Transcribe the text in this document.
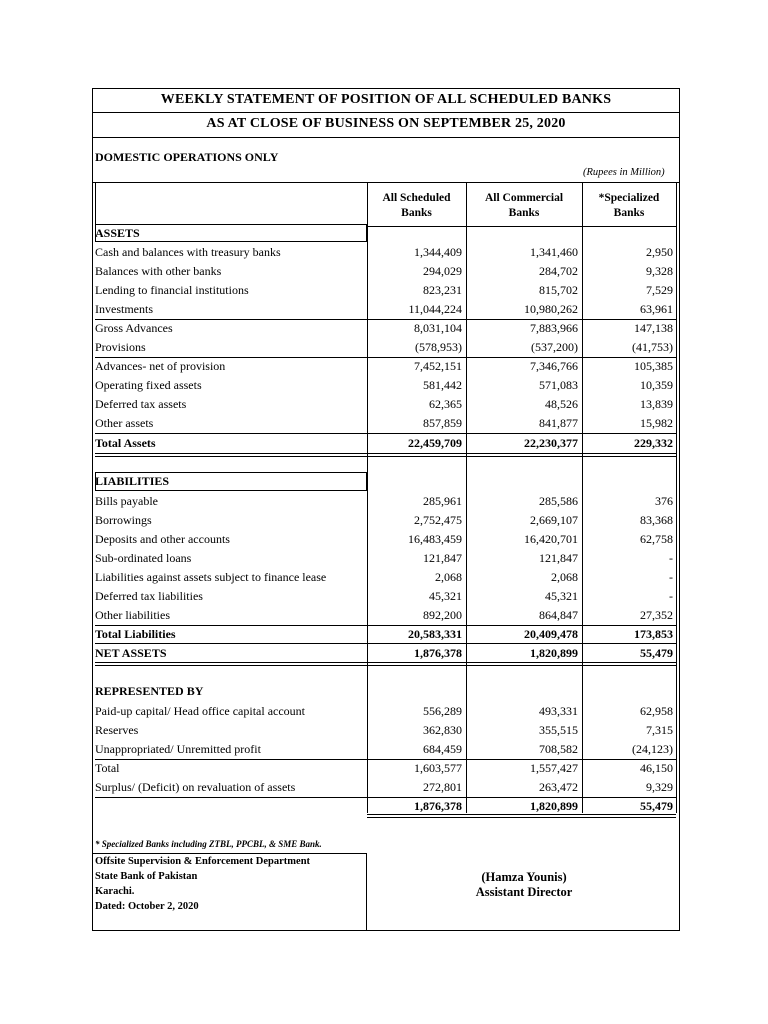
WEEKLY STATEMENT OF POSITION OF ALL SCHEDULED BANKS
AS AT CLOSE OF BUSINESS ON SEPTEMBER 25, 2020
DOMESTIC OPERATIONS ONLY
(Rupees in Million)
All Scheduled
Banks
All Commercial
Banks
*Specialized
Banks
ASSETS
Cash and balances with treasury banks	1,344,409	1,341,460	2,950
Balances with other banks	294,029	284,702	9,328
Lending to financial institutions	823,231	815,702	7,529
Investments	11,044,224	10,980,262	63,961
Gross Advances	8,031,104	7,883,966	147,138
Provisions	(578,953)	(537,200)	(41,753)
Advances- net of provision	7,452,151	7,346,766	105,385
Operating fixed assets	581,442	571,083	10,359
Deferred tax assets	62,365	48,526	13,839
Other assets	857,859	841,877	15,982
Total Assets	22,459,709	22,230,377	229,332
LIABILITIES
Bills payable	285,961	285,586	376
Borrowings	2,752,475	2,669,107	83,368
Deposits and other accounts	16,483,459	16,420,701	62,758
Sub-ordinated loans	121,847	121,847	-
Liabilities against assets subject to finance lease	2,068	2,068	-
Deferred tax liabilities	45,321	45,321	-
Other liabilities	892,200	864,847	27,352
Total Liabilities	20,583,331	20,409,478	173,853
NET ASSETS	1,876,378	1,820,899	55,479
REPRESENTED BY
Paid-up capital/ Head office capital account	556,289	493,331	62,958
Reserves	362,830	355,515	7,315
Unappropriated/ Unremitted profit	684,459	708,582	(24,123)
Total	1,603,577	1,557,427	46,150
Surplus/ (Deficit) on revaluation of assets	272,801	263,472	9,329
1,876,378	1,820,899	55,479
* Specialized Banks including ZTBL, PPCBL, & SME Bank.
Offsite Supervision & Enforcement Department
State Bank of Pakistan
Karachi.
Dated: October 2, 2020
(Hamza Younis)
Assistant Director
